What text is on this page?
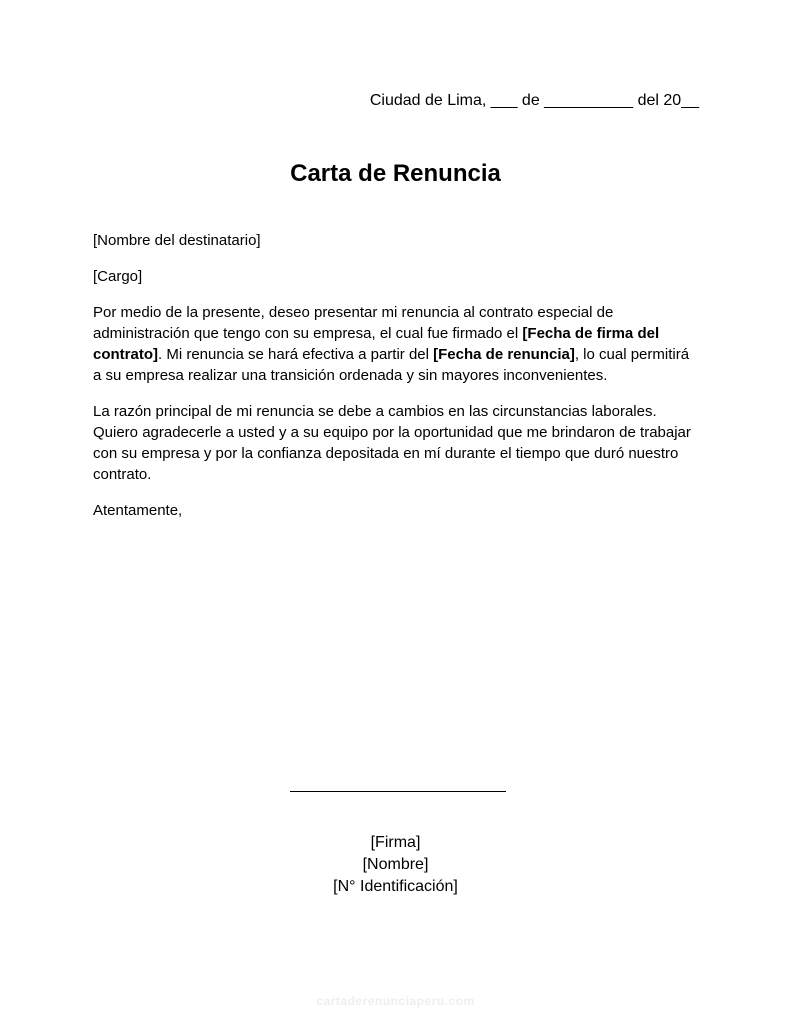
Ciudad de Lima, ___ de __________ del 20__
Carta de Renuncia

[Nombre del destinatario]

[Cargo]

Por medio de la presente, deseo presentar mi renuncia al contrato especial de administración que tengo con su empresa, el cual fue firmado el [Fecha de firma del contrato]. Mi renuncia se hará efectiva a partir del [Fecha de renuncia], lo cual permitirá a su empresa realizar una transición ordenada y sin mayores inconvenientes.

La razón principal de mi renuncia se debe a cambios en las circunstancias laborales. Quiero agradecerle a usted y a su equipo por la oportunidad que me brindaron de trabajar con su empresa y por la confianza depositada en mí durante el tiempo que duró nuestro contrato.

Atentamente,

[Firma]
[Nombre]
[N° Identificación]
cartaderenunciaperu.com
